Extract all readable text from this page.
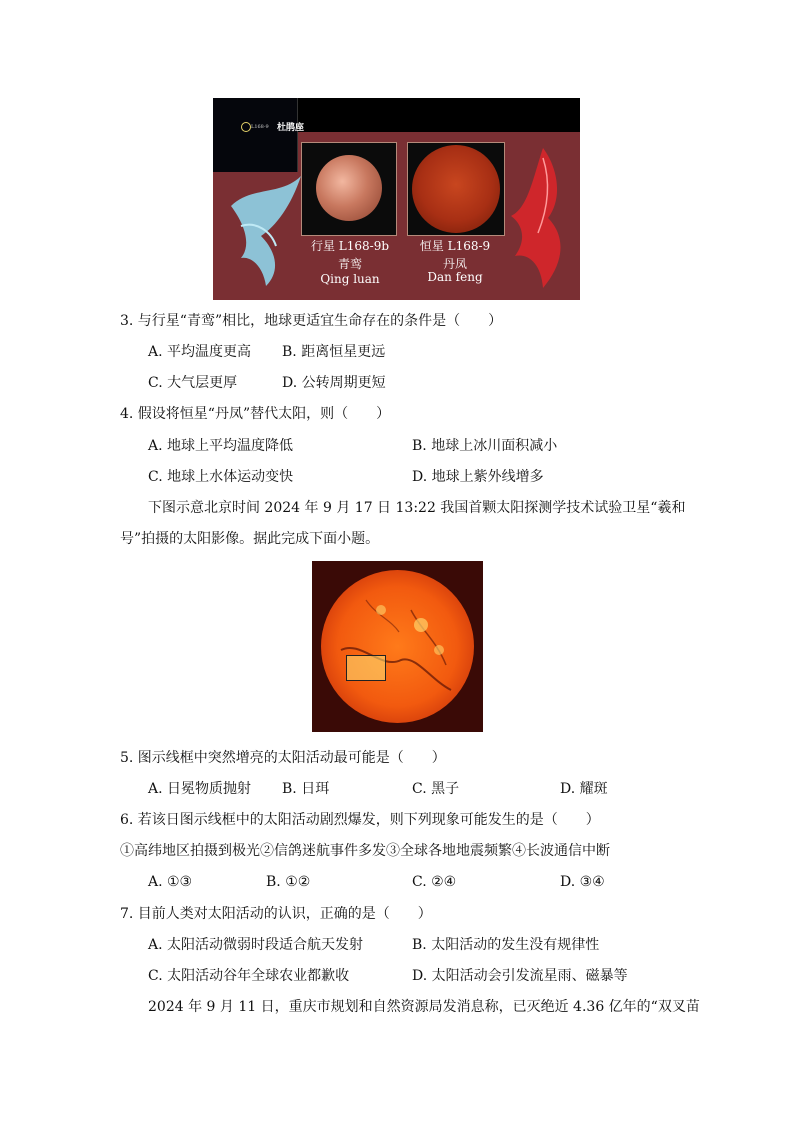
L168-9 杜鹃座
行星 L168-9b
青鸾
Qing luan
恒星 L168-9
丹凤
Dan feng
3. 与行星“青鸾”相比，地球更适宜生命存在的条件是（　　）
A. 平均温度更高 B. 距离恒星更远
C. 大气层更厚	D. 公转周期更短
4. 假设将恒星“丹凤”替代太阳，则（　　）
A. 地球上平均温度降低	B. 地球上冰川面积减小
C. 地球上水体运动变快	D. 地球上紫外线增多
下图示意北京时间 2024 年 9 月 17 日 13:22 我国首颗太阳探测学技术试验卫星“羲和
号”拍摄的太阳影像。据此完成下面小题。
5. 图示线框中突然增亮的太阳活动最可能是（　　）
A. 日冕物质抛射 B. 日珥	C. 黑子	D. 耀斑
6. 若该日图示线框中的太阳活动剧烈爆发，则下列现象可能发生的是（　　）
①高纬地区拍摄到极光②信鸽迷航事件多发③全球各地地震频繁④长波通信中断
A. ①③	B. ①②	C. ②④	D. ③④
7. 目前人类对太阳活动的认识，正确的是（　　）
A. 太阳活动微弱时段适合航天发射	B. 太阳活动的发生没有规律性
C. 太阳活动谷年全球农业都歉收	D. 太阳活动会引发流星雨、磁暴等
2024 年 9 月 11 日，重庆市规划和自然资源局发消息称，已灭绝近 4.36 亿年的“双叉苗
